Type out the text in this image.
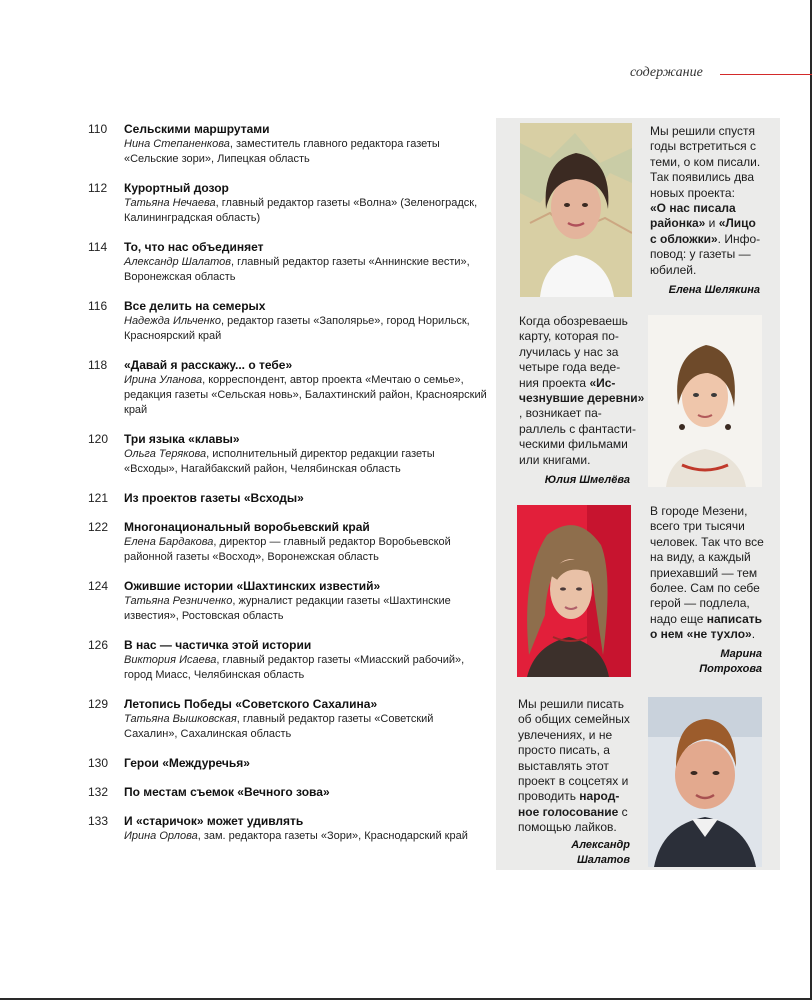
содержание
110	Сельскими маршрутами
Нина Степаненкова, заместитель главного редактора газеты «Сельские зори», Липецкая область
112	Курортный дозор
Татьяна Нечаева, главный редактор газеты «Волна» (Зеленоградск, Калининградская область)
114	То, что нас объединяет
Александр Шалатов, главный редактор газеты «Аннинские вести», Воронежская область
116	Все делить на семерых
Надежда Ильченко, редактор газеты «Заполярье», город Норильск, Красноярский край
118	«Давай я расскажу... о тебе»
Ирина Уланова, корреспондент, автор проекта «Мечтаю о семье», редакция газеты «Сельская новь», Балахтинский район, Красноярский край
120	Три языка «клавы»
Ольга Терякова, исполнительный директор редакции газеты «Всходы», Нагайбакский район, Челябинская область
121	Из проектов газеты «Всходы»
122	Многонациональный воробьевский край
Елена Бардакова, директор — главный редактор Воробьевской районной газеты «Восход», Воронежская область
124	Ожившие истории «Шахтинских известий»
Татьяна Резниченко, журналист редакции газеты «Шахтинские известия», Ростовская область
126	В нас — частичка этой истории
Виктория Исаева, главный редактор газеты «Миасский рабочий», город Миасс, Челябинская область
129	Летопись Победы «Советского Сахалина»
Татьяна Вышковская, главный редактор газеты «Советский Сахалин», Сахалинская область
130	Герои «Междуречья»
132	По местам съемок «Вечного зова»
133	И «старичок» может удивлять
Ирина Орлова, зам. редактора газеты «Зори», Краснодарский край
Мы решили спустя
годы встретиться с
теми, о ком писали.
Так появились два
новых проекта:
«О нас писала
районка» и «Лицо
с обложки». Инфо-
повод: у газеты —
юбилей.
Елена Шелякина
Когда обозреваешь
карту, которая по-
лучилась у нас за
четыре года веде-
ния проекта «Ис-
чезнувшие деревни»
, возникает па-
раллель с фантасти-
ческими фильмами
или книгами.
Юлия Шмелёва
В городе Мезени,
всего три тысячи
человек. Так что все
на виду, а каждый
приехавший — тем
более. Сам по себе
герой — подлела,
надо еще написать
о нем «не тухло».
Марина
Потрохова
Мы решили писать
об общих семейных
увлечениях, и не
просто писать, а
выставлять этот
проект в соцсетях и
проводить народ-
ное голосование с
помощью лайков.
Александр
Шалатов
